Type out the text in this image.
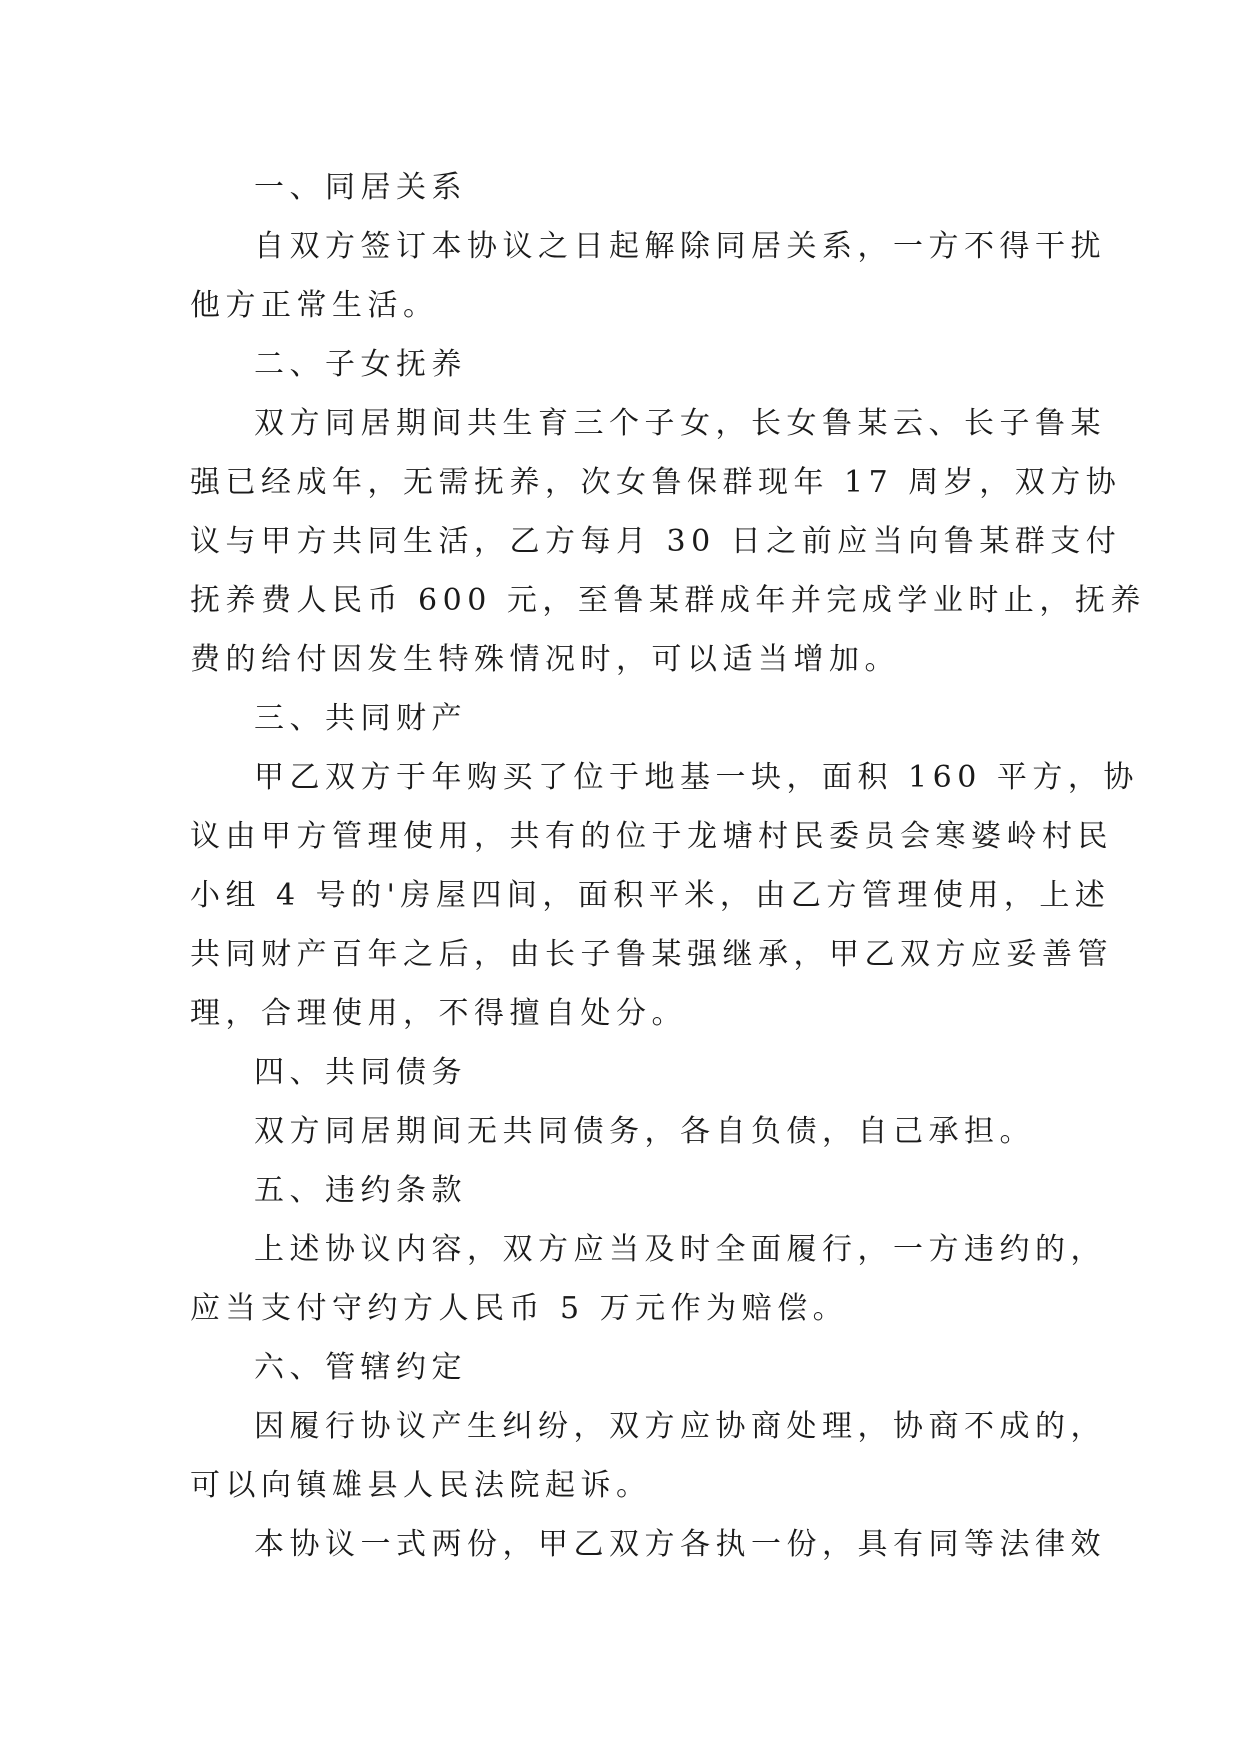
一、同居关系
自双方签订本协议之日起解除同居关系，一方不得干扰
他方正常生活。
二、子女抚养
双方同居期间共生育三个子女，长女鲁某云、长子鲁某
强已经成年，无需抚养，次女鲁保群现年 17 周岁，双方协
议与甲方共同生活，乙方每月 30 日之前应当向鲁某群支付
抚养费人民币 600 元，至鲁某群成年并完成学业时止，抚养
费的给付因发生特殊情况时，可以适当增加。
三、共同财产
甲乙双方于年购买了位于地基一块，面积 160 平方，协
议由甲方管理使用，共有的位于龙塘村民委员会寒婆岭村民
小组 4 号的'房屋四间，面积平米，由乙方管理使用，上述
共同财产百年之后，由长子鲁某强继承，甲乙双方应妥善管
理，合理使用，不得擅自处分。
四、共同债务
双方同居期间无共同债务，各自负债，自己承担。
五、违约条款
上述协议内容，双方应当及时全面履行，一方违约的，
应当支付守约方人民币 5 万元作为赔偿。
六、管辖约定
因履行协议产生纠纷，双方应协商处理，协商不成的，
可以向镇雄县人民法院起诉。
本协议一式两份，甲乙双方各执一份，具有同等法律效
